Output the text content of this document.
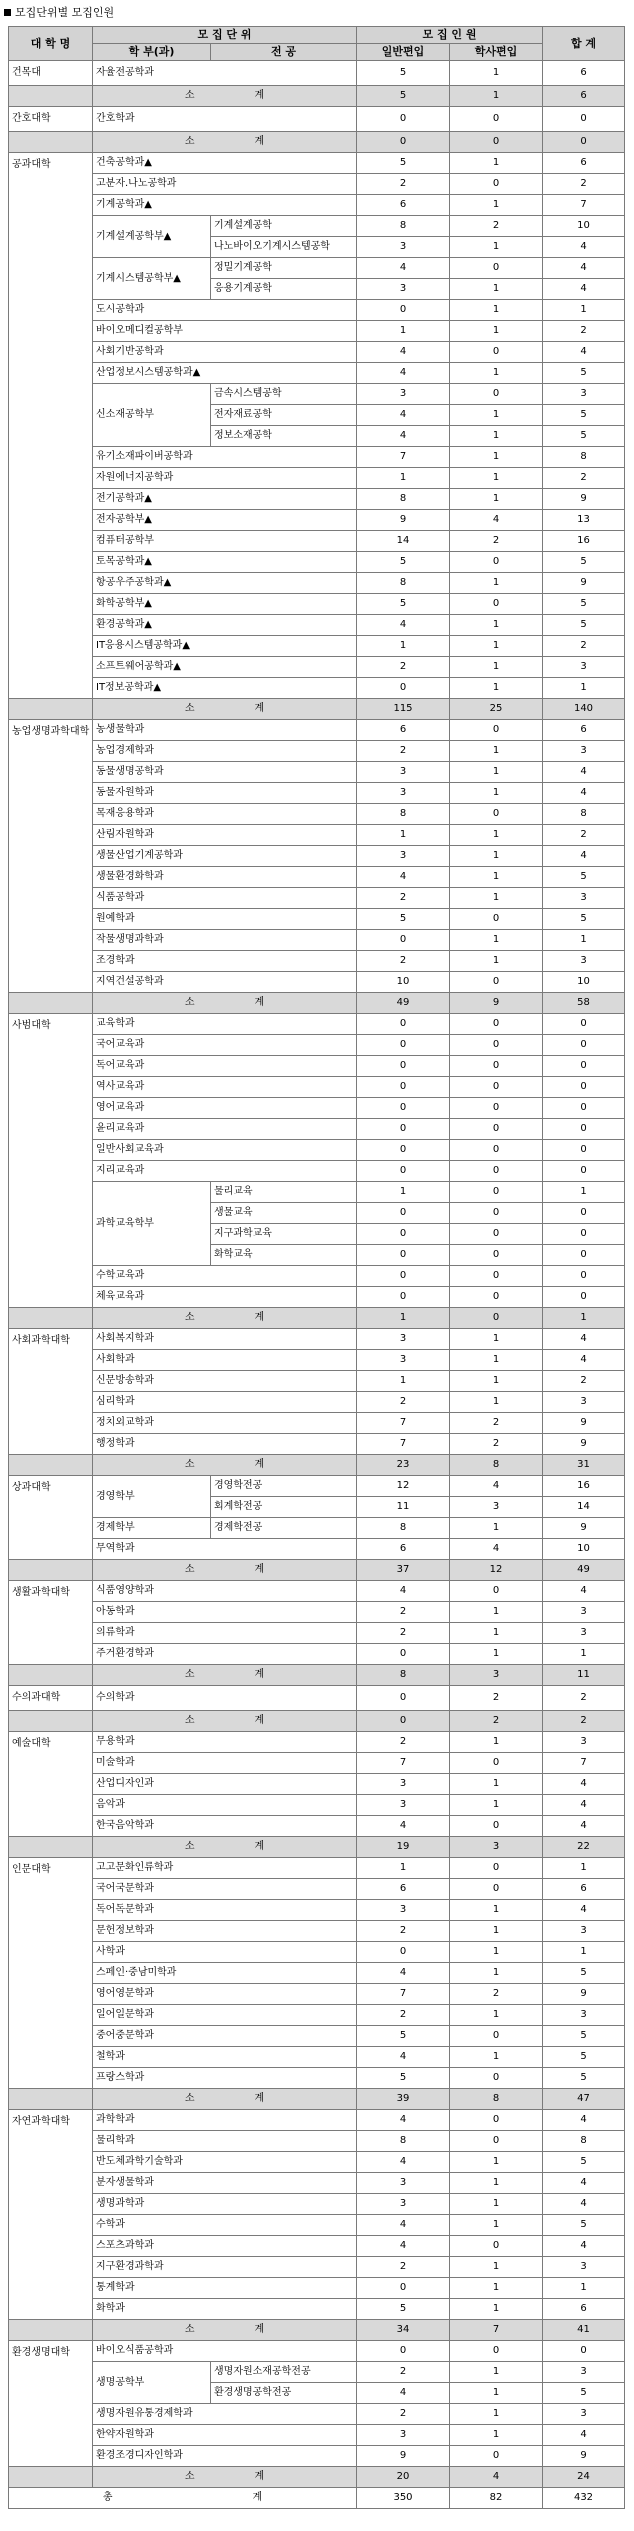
모집단위별 모집인원
대 학 명	모 집 단 위		모 집 인 원		합 계
	학 부(과)	전 공	일반편입	학사편입	
건목대	자율전공학과		5	1	6
	소 계		5	1	6
간호대학	간호학과		0	0	0
	소 계		0	0	0
공과대학	건축공학과▲		5	1	6
	고분자.나노공학과		2	0	2
	기계공학과▲		6	1	7
	기계설계공학부▲	기계설계공학	8	2	10
		나노바이오기계시스템공학	3	1	4
	기계시스템공학부▲	정밀기계공학	4	0	4
		응용기계공학	3	1	4
	도시공학과		0	1	1
	바이오메디컬공학부		1	1	2
	사회기반공학과		4	0	4
	산업정보시스템공학과▲		4	1	5
	신소재공학부	금속시스템공학	3	0	3
		전자재료공학	4	1	5
		정보소재공학	4	1	5
	유기소재파이버공학과		7	1	8
	자원에너지공학과		1	1	2
	전기공학과▲		8	1	9
	전자공학부▲		9	4	13
	컴퓨터공학부		14	2	16
	토목공학과▲		5	0	5
	항공우주공학과▲		8	1	9
	화학공학부▲		5	0	5
	환경공학과▲		4	1	5
	IT응용시스템공학과▲		1	1	2
	소프트웨어공학과▲		2	1	3
	IT정보공학과▲		0	1	1
	소 계		115	25	140
농업생명과학대학	농생물학과		6	0	6
	농업경제학과		2	1	3
	동물생명공학과		3	1	4
	동물자원학과		3	1	4
	목재응용학과		8	0	8
	산림자원학과		1	1	2
	생물산업기계공학과		3	1	4
	생물환경화학과		4	1	5
	식품공학과		2	1	3
	원예학과		5	0	5
	작물생명과학과		0	1	1
	조경학과		2	1	3
	지역건설공학과		10	0	10
	소 계		49	9	58
사범대학	교육학과		0	0	0
	국어교육과		0	0	0
	독어교육과		0	0	0
	역사교육과		0	0	0
	영어교육과		0	0	0
	윤리교육과		0	0	0
	일반사회교육과		0	0	0
	지리교육과		0	0	0
	과학교육학부	물리교육	1	0	1
		생물교육	0	0	0
		지구과학교육	0	0	0
		화학교육	0	0	0
	수학교육과		0	0	0
	체육교육과		0	0	0
	소 계		1	0	1
사회과학대학	사회복지학과		3	1	4
	사회학과		3	1	4
	신문방송학과		1	1	2
	심리학과		2	1	3
	정치외교학과		7	2	9
	행정학과		7	2	9
	소 계		23	8	31
상과대학	경영학부	경영학전공	12	4	16
		회계학전공	11	3	14
	경제학부	경제학전공	8	1	9
	무역학과		6	4	10
	소 계		37	12	49
생활과학대학	식품영양학과		4	0	4
	아동학과		2	1	3
	의류학과		2	1	3
	주거환경학과		0	1	1
	소 계		8	3	11
수의과대학	수의학과		0	2	2
	소 계		0	2	2
예술대학	무용학과		2	1	3
	미술학과		7	0	7
	산업디자인과		3	1	4
	음악과		3	1	4
	한국음악학과		4	0	4
	소 계		19	3	22
인문대학	고고문화인류학과		1	0	1
	국어국문학과		6	0	6
	독어독문학과		3	1	4
	문헌정보학과		2	1	3
	사학과		0	1	1
	스페인·중남미학과		4	1	5
	영어영문학과		7	2	9
	일어일문학과		2	1	3
	중어중문학과		5	0	5
	철학과		4	1	5
	프랑스학과		5	0	5
	소 계		39	8	47
자연과학대학	과학학과		4	0	4
	물리학과		8	0	8
	반도체과학기술학과		4	1	5
	분자생물학과		3	1	4
	생명과학과		3	1	4
	수학과		4	1	5
	스포츠과학과		4	0	4
	지구환경과학과		2	1	3
	통계학과		0	1	1
	화학과		5	1	6
	소 계		34	7	41
환경생명대학	바이오식품공학과		0	0	0
	생명공학부	생명자원소재공학전공	2	1	3
		환경생명공학전공	4	1	5
	생명자원유통경제학과		2	1	3
	한약자원학과		3	1	4
	환경조경디자인학과		9	0	9
	소 계		20	4	24
총 계			350	82	432
